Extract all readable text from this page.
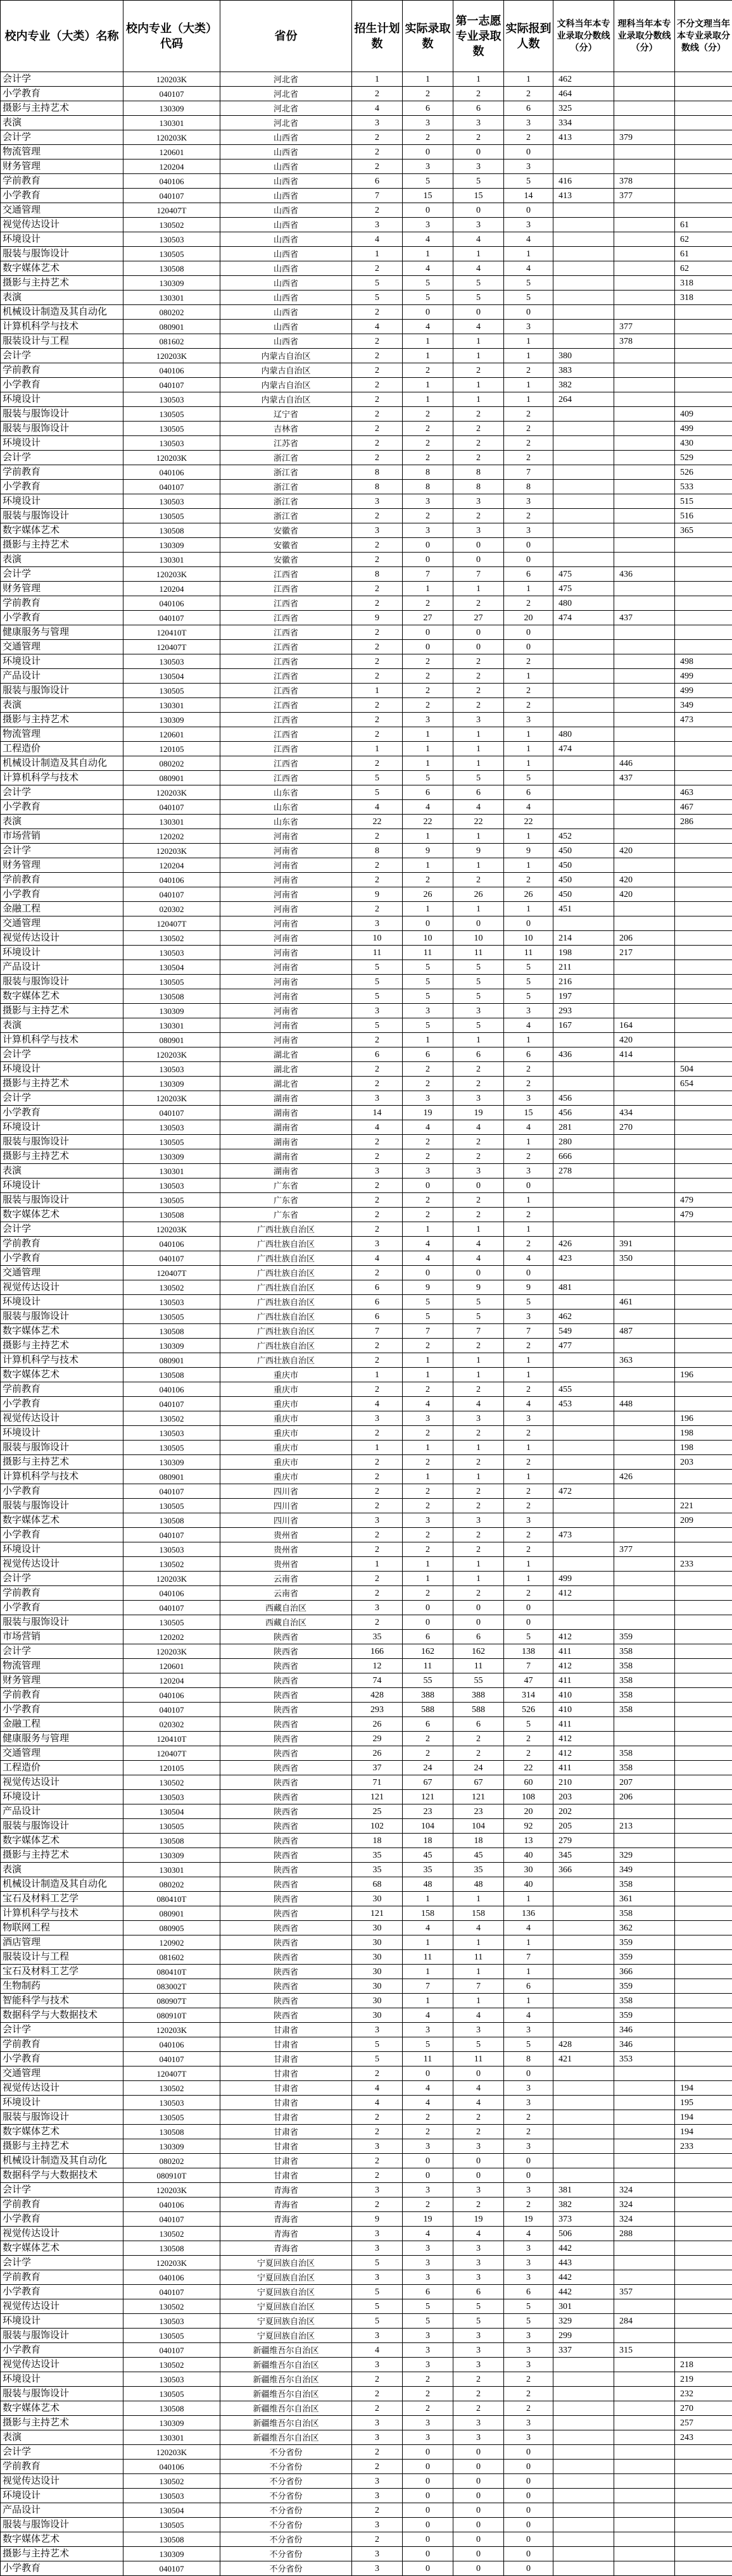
校内专业（大类）名称	校内专业（大类）代码	省份	招生计划数	实际录取数	第一志愿专业录取数	实际报到人数	文科当年本专业录取分数线（分）	理科当年本专业录取分数线（分）	不分文理当年本专业录取分数线（分）
会计学	120203K	河北省	1	1	1	1	462		
小学教育	040107	河北省	2	2	2	2	464		
摄影与主持艺术	130309	河北省	4	6	6	6	325		
表演	130301	河北省	3	3	3	3	334		
会计学	120203K	山西省	2	2	2	2	413	379	
物流管理	120601	山西省	2	0	0	0			
财务管理	120204	山西省	2	3	3	3			
学前教育	040106	山西省	6	5	5	5	416	378	
小学教育	040107	山西省	7	15	15	14	413	377	
交通管理	120407T	山西省	2	0	0	0			
视觉传达设计	130502	山西省	3	3	3	3			61
环境设计	130503	山西省	4	4	4	4			62
服装与服饰设计	130505	山西省	1	1	1	1			61
数字媒体艺术	130508	山西省	2	4	4	4			62
摄影与主持艺术	130309	山西省	5	5	5	5			318
表演	130301	山西省	5	5	5	5			318
机械设计制造及其自动化	080202	山西省	2	0	0	0			
计算机科学与技术	080901	山西省	4	4	4	3		377	
服装设计与工程	081602	山西省	2	1	1	1		378	
会计学	120203K	内蒙古自治区	2	1	1	1	380		
学前教育	040106	内蒙古自治区	2	2	2	2	383		
小学教育	040107	内蒙古自治区	2	1	1	1	382		
环境设计	130503	内蒙古自治区	2	1	1	1	264		
服装与服饰设计	130505	辽宁省	2	2	2	2			409
服装与服饰设计	130505	吉林省	2	2	2	2			499
环境设计	130503	江苏省	2	2	2	2			430
会计学	120203K	浙江省	2	2	2	2			529
学前教育	040106	浙江省	8	8	8	7			526
小学教育	040107	浙江省	8	8	8	8			533
环境设计	130503	浙江省	3	3	3	3			515
服装与服饰设计	130505	浙江省	2	2	2	2			516
数字媒体艺术	130508	安徽省	3	3	3	3			365
摄影与主持艺术	130309	安徽省	2	0	0	0			
表演	130301	安徽省	2	0	0	0			
会计学	120203K	江西省	8	7	7	6	475	436	
财务管理	120204	江西省	2	1	1	1	475		
学前教育	040106	江西省	2	2	2	2	480		
小学教育	040107	江西省	9	27	27	20	474	437	
健康服务与管理	120410T	江西省	2	0	0	0			
交通管理	120407T	江西省	2	0	0	0			
环境设计	130503	江西省	2	2	2	2			498
产品设计	130504	江西省	2	2	2	1			499
服装与服饰设计	130505	江西省	1	2	2	2			499
表演	130301	江西省	2	2	2	2			349
摄影与主持艺术	130309	江西省	2	3	3	3			473
物流管理	120601	江西省	2	1	1	1	480		
工程造价	120105	江西省	1	1	1	1	474		
机械设计制造及其自动化	080202	江西省	2	1	1	1		446	
计算机科学与技术	080901	江西省	5	5	5	5		437	
会计学	120203K	山东省	5	6	6	6			463
小学教育	040107	山东省	4	4	4	4			467
表演	130301	山东省	22	22	22	22			286
市场营销	120202	河南省	2	1	1	1	452		
会计学	120203K	河南省	8	9	9	9	450	420	
财务管理	120204	河南省	2	1	1	1	450		
学前教育	040106	河南省	2	2	2	2	450	420	
小学教育	040107	河南省	9	26	26	26	450	420	
金融工程	020302	河南省	2	1	1	1	451		
交通管理	120407T	河南省	3	0	0	0			
视觉传达设计	130502	河南省	10	10	10	10	214	206	
环境设计	130503	河南省	11	11	11	11	198	217	
产品设计	130504	河南省	5	5	5	5	211		
服装与服饰设计	130505	河南省	5	5	5	5	216		
数字媒体艺术	130508	河南省	5	5	5	5	197		
摄影与主持艺术	130309	河南省	3	3	3	3	293		
表演	130301	河南省	5	5	5	4	167	164	
计算机科学与技术	080901	河南省	2	1	1	1		420	
会计学	120203K	湖北省	6	6	6	6	436	414	
环境设计	130503	湖北省	2	2	2	2			504
摄影与主持艺术	130309	湖北省	2	2	2	2			654
会计学	120203K	湖南省	3	3	3	3	456		
小学教育	040107	湖南省	14	19	19	15	456	434	
环境设计	130503	湖南省	4	4	4	4	281	270	
服装与服饰设计	130505	湖南省	2	2	2	1	280		
摄影与主持艺术	130309	湖南省	2	2	2	2	666		
表演	130301	湖南省	3	3	3	3	278		
环境设计	130503	广东省	2	0	0	0			
服装与服饰设计	130505	广东省	2	2	2	1			479
数字媒体艺术	130508	广东省	2	2	2	2			479
会计学	120203K	广西壮族自治区	2	1	1	1			
学前教育	040106	广西壮族自治区	3	4	4	2	426	391	
小学教育	040107	广西壮族自治区	4	4	4	4	423	350	
交通管理	120407T	广西壮族自治区	2	0	0	0			
视觉传达设计	130502	广西壮族自治区	6	9	9	9	481		
环境设计	130503	广西壮族自治区	6	5	5	5		461	
服装与服饰设计	130505	广西壮族自治区	6	5	5	3	462		
数字媒体艺术	130508	广西壮族自治区	7	7	7	7	549	487	
摄影与主持艺术	130309	广西壮族自治区	2	2	2	2	477		
计算机科学与技术	080901	广西壮族自治区	2	1	1	1		363	
数字媒体艺术	130508	重庆市	1	1	1	1			196
学前教育	040106	重庆市	2	2	2	2	455		
小学教育	040107	重庆市	4	4	4	4	453	448	
视觉传达设计	130502	重庆市	3	3	3	3			196
环境设计	130503	重庆市	2	2	2	2			198
服装与服饰设计	130505	重庆市	1	1	1	1			198
摄影与主持艺术	130309	重庆市	2	2	2	2			203
计算机科学与技术	080901	重庆市	2	1	1	1		426	
小学教育	040107	四川省	2	2	2	2	472		
服装与服饰设计	130505	四川省	2	2	2	2			221
数字媒体艺术	130508	四川省	3	3	3	3			209
小学教育	040107	贵州省	2	2	2	2	473		
环境设计	130503	贵州省	2	2	2	2		377	
视觉传达设计	130502	贵州省	1	1	1	1			233
会计学	120203K	云南省	2	1	1	1	499		
学前教育	040106	云南省	2	2	2	2	412		
小学教育	040107	西藏自治区	3	0	0	0			
服装与服饰设计	130505	西藏自治区	2	0	0	0			
市场营销	120202	陕西省	35	6	6	5	412	359	
会计学	120203K	陕西省	166	162	162	138	411	358	
物流管理	120601	陕西省	12	11	11	7	412	358	
财务管理	120204	陕西省	74	55	55	47	411	358	
学前教育	040106	陕西省	428	388	388	314	410	358	
小学教育	040107	陕西省	293	588	588	526	410	358	
金融工程	020302	陕西省	26	6	6	5	411		
健康服务与管理	120410T	陕西省	29	2	2	2	412		
交通管理	120407T	陕西省	26	2	2	2	412	358	
工程造价	120105	陕西省	37	24	24	22	411	358	
视觉传达设计	130502	陕西省	71	67	67	60	210	207	
环境设计	130503	陕西省	121	121	121	108	203	206	
产品设计	130504	陕西省	25	23	23	20	202		
服装与服饰设计	130505	陕西省	102	104	104	92	205	213	
数字媒体艺术	130508	陕西省	18	18	18	13	279		
摄影与主持艺术	130309	陕西省	35	45	45	40	345	329	
表演	130301	陕西省	35	35	35	30	366	349	
机械设计制造及其自动化	080202	陕西省	68	48	48	40		358	
宝石及材料工艺学	080410T	陕西省	30	1	1	1		361	
计算机科学与技术	080901	陕西省	121	158	158	136		358	
物联网工程	080905	陕西省	30	4	4	4		362	
酒店管理	120902	陕西省	30	1	1	1		359	
服装设计与工程	081602	陕西省	30	11	11	7		359	
宝石及材料工艺学	080410T	陕西省	30	1	1	1		366	
生物制药	083002T	陕西省	30	7	7	6		359	
智能科学与技术	080907T	陕西省	30	1	1	1		358	
数据科学与大数据技术	080910T	陕西省	30	4	4	4		359	
会计学	120203K	甘肃省	3	3	3	3		346	
学前教育	040106	甘肃省	5	5	5	5	428	346	
小学教育	040107	甘肃省	5	11	11	8	421	353	
交通管理	120407T	甘肃省	2	0	0	0			
视觉传达设计	130502	甘肃省	4	4	4	3			194
环境设计	130503	甘肃省	4	4	4	3			195
服装与服饰设计	130505	甘肃省	2	2	2	2			194
数字媒体艺术	130508	甘肃省	2	2	2	2			194
摄影与主持艺术	130309	甘肃省	3	3	3	3			233
机械设计制造及其自动化	080202	甘肃省	2	0	0	0			
数据科学与大数据技术	080910T	甘肃省	2	0	0	0			
会计学	120203K	青海省	3	3	3	3	381	324	
学前教育	040106	青海省	2	2	2	2	382	324	
小学教育	040107	青海省	9	19	19	19	373	324	
视觉传达设计	130502	青海省	3	4	4	4	506	288	
数字媒体艺术	130508	青海省	3	3	3	3	442		
会计学	120203K	宁夏回族自治区	5	3	3	3	443		
学前教育	040106	宁夏回族自治区	3	3	3	3	442		
小学教育	040107	宁夏回族自治区	5	6	6	6	442	357	
视觉传达设计	130502	宁夏回族自治区	5	5	5	5	301		
环境设计	130503	宁夏回族自治区	5	5	5	5	329	284	
服装与服饰设计	130505	宁夏回族自治区	3	3	3	3	299		
小学教育	040107	新疆维吾尔自治区	4	3	3	3	337	315	
视觉传达设计	130502	新疆维吾尔自治区	3	3	3	3			218
环境设计	130503	新疆维吾尔自治区	2	2	2	2			219
服装与服饰设计	130505	新疆维吾尔自治区	2	2	2	2			232
数字媒体艺术	130508	新疆维吾尔自治区	2	2	2	2			270
摄影与主持艺术	130309	新疆维吾尔自治区	3	3	3	3			257
表演	130301	新疆维吾尔自治区	3	3	3	3			243
会计学	120203K	不分省份	2	0	0	0			
学前教育	040106	不分省份	2	0	0	0			
视觉传达设计	130502	不分省份	3	0	0	0			
环境设计	130503	不分省份	3	0	0	0			
产品设计	130504	不分省份	2	0	0	0			
服装与服饰设计	130505	不分省份	3	0	0	0			
数字媒体艺术	130508	不分省份	2	0	0	0			
摄影与主持艺术	130309	不分省份	3	0	0	0			
小学教育	040107	不分省份	3	0	0	0			
